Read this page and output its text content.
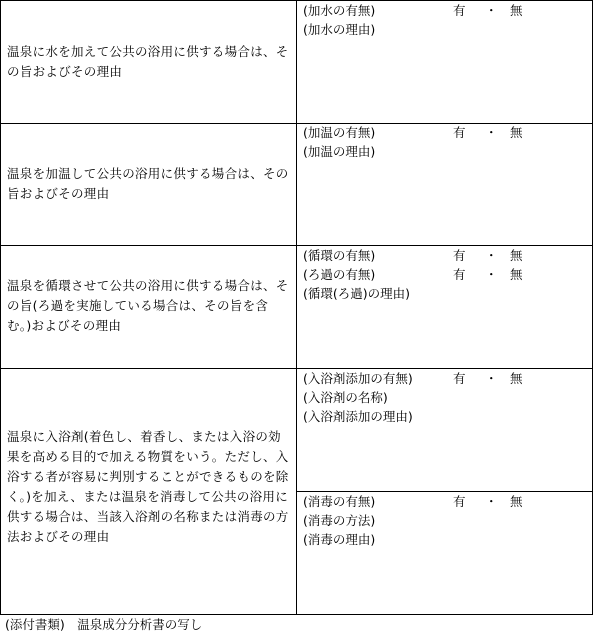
温泉に水を加えて公共の浴用に供する場合は、その旨およびその理由
(加水の有無)	有 ・ 無
(加水の理由)
温泉を加温して公共の浴用に供する場合は、その旨およびその理由
(加温の有無)	有 ・ 無
(加温の理由)
温泉を循環させて公共の浴用に供する場合は、その旨(ろ過を実施している場合は、その旨を含む。)およびその理由
(循環の有無)	有 ・ 無
(ろ過の有無)	有 ・ 無
(循環(ろ過)の理由)
温泉に入浴剤(着色し、着香し、または入浴の効果を高める目的で加える物質をいう。ただし、入浴する者が容易に判別することができるものを除く。)を加え、または温泉を消毒して公共の浴用に供する場合は、当該入浴剤の名称または消毒の方法およびその理由
(入浴剤添加の有無)	有 ・ 無
(入浴剤の名称)
(入浴剤添加の理由)
(消毒の有無)	有 ・ 無
(消毒の方法)
(消毒の理由)
(添付書類)　温泉成分分析書の写し
